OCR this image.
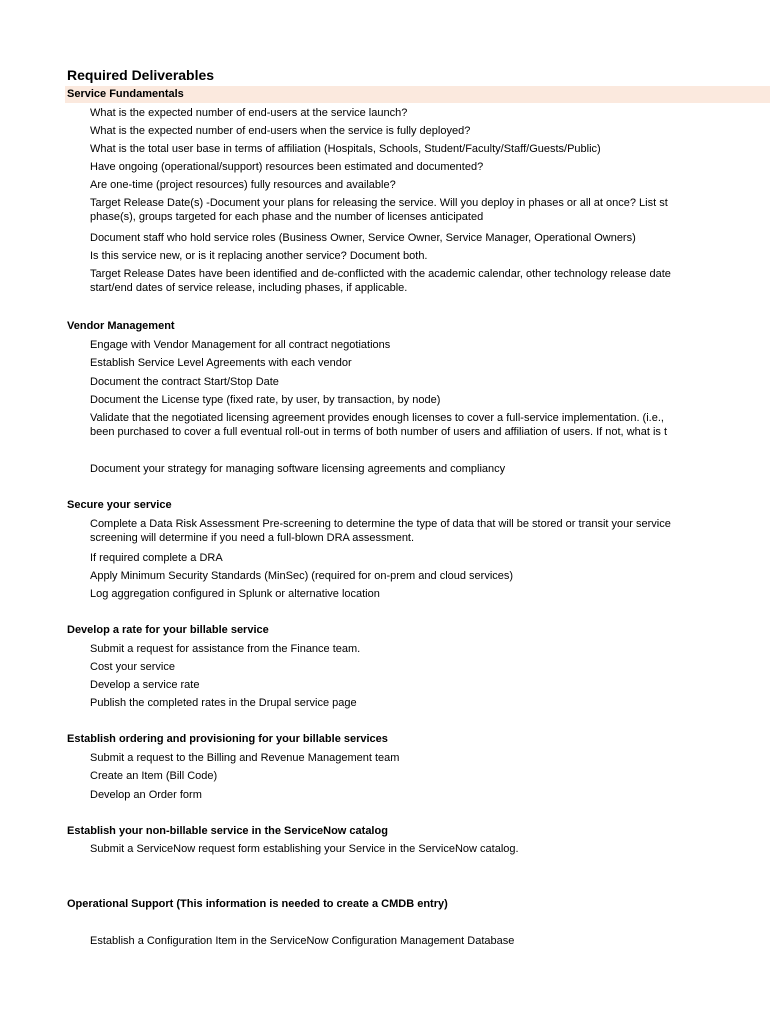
Required Deliverables
Service Fundamentals
What is the expected number of end-users at the service launch?
What is the expected number of end-users when the service is fully deployed?
What is the total user base in terms of affiliation (Hospitals, Schools, Student/Faculty/Staff/Guests/Public)
Have ongoing (operational/support) resources been estimated and documented?
Are one-time (project resources) fully resources and available?
Target Release Date(s) -Document your plans for releasing the service. Will you deploy in phases or all at once? List st
phase(s), groups targeted for each phase and the number of licenses anticipated
Document staff who hold service roles (Business Owner, Service Owner, Service Manager, Operational Owners)
Is this service new, or is it replacing another service? Document both.
Target Release Dates have been identified and de-conflicted with the academic calendar, other technology release date
start/end dates of service release, including phases, if applicable.
Vendor Management
Engage with Vendor Management for all contract negotiations
Establish Service Level Agreements with each vendor
Document the contract Start/Stop Date
Document the License type (fixed rate, by user, by transaction, by node)
Validate that the negotiated licensing agreement provides enough licenses to cover a full-service implementation. (i.e.,
been purchased to cover a full eventual roll-out in terms of both number of users and affiliation of users. If not, what is t
Document your strategy for managing software licensing agreements and compliancy
Secure your service
Complete a Data Risk Assessment Pre-screening to determine the type of data that will be stored or transit your service
screening will determine if you need a full-blown DRA assessment.
If required complete a DRA
Apply Minimum Security Standards (MinSec) (required for on-prem and cloud services)
Log aggregation configured in Splunk or alternative location
Develop a rate for your billable service
Submit a request for assistance from the Finance team.
Cost your service
Develop a service rate
Publish the completed rates in the Drupal service page
Establish ordering and provisioning for your billable services
Submit a request to the Billing and Revenue Management team
Create an Item (Bill Code)
Develop an Order form
Establish your non-billable service in the ServiceNow catalog
Submit a ServiceNow request form establishing your Service in the ServiceNow catalog.
Operational Support (This information is needed to create a CMDB entry)
Establish a Configuration Item in the ServiceNow Configuration Management Database
